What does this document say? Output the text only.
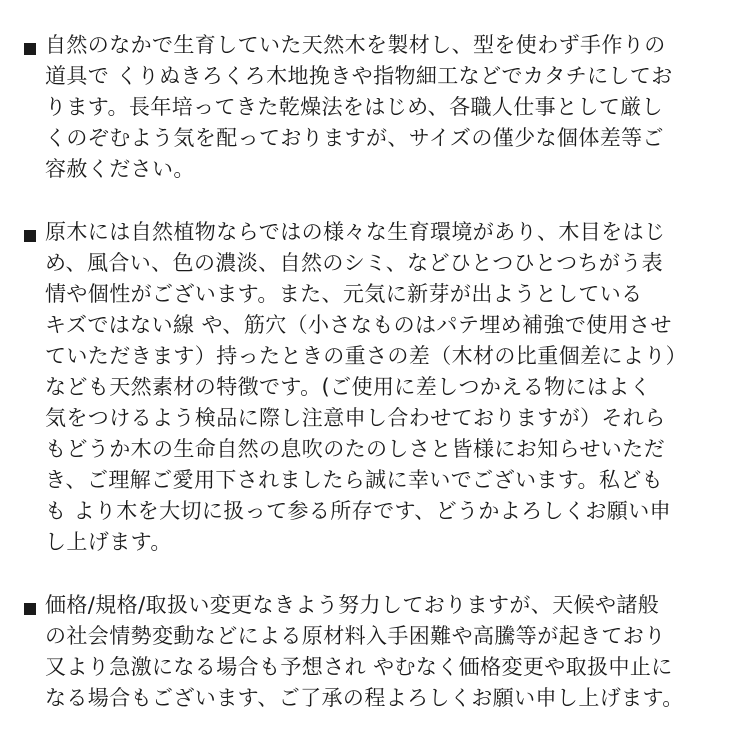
自然のなかで生育していた天然木を製材し、型を使わず手作りの
道具で くりぬきろくろ木地挽きや指物細工などでカタチにしてお
ります。長年培ってきた乾燥法をはじめ、各職人仕事として厳し
くのぞむよう気を配っておりますが、サイズの僅少な個体差等ご
容赦ください。
原木には自然植物ならではの様々な生育環境があり、木目をはじ
め、風合い、色の濃淡、自然のシミ、などひとつひとつちがう表
情や個性がございます。また、元気に新芽が出ようとしている
キズではない線 や、筋穴（小さなものはパテ埋め補強で使用させ
ていただきます）持ったときの重さの差（木材の比重個差により）
なども天然素材の特徴です。(ご使用に差しつかえる物にはよく
気をつけるよう検品に際し注意申し合わせておりますが）それら
もどうか木の生命自然の息吹のたのしさと皆様にお知らせいただ
き、ご理解ご愛用下されましたら誠に幸いでございます。私ども
も より木を大切に扱って参る所存です、どうかよろしくお願い申
し上げます。
価格/規格/取扱い変更なきよう努力しておりますが、天候や諸般
の社会情勢変動などによる原材料入手困難や高騰等が起きており
又より急激になる場合も予想され やむなく価格変更や取扱中止に
なる場合もございます、ご了承の程よろしくお願い申し上げます。
